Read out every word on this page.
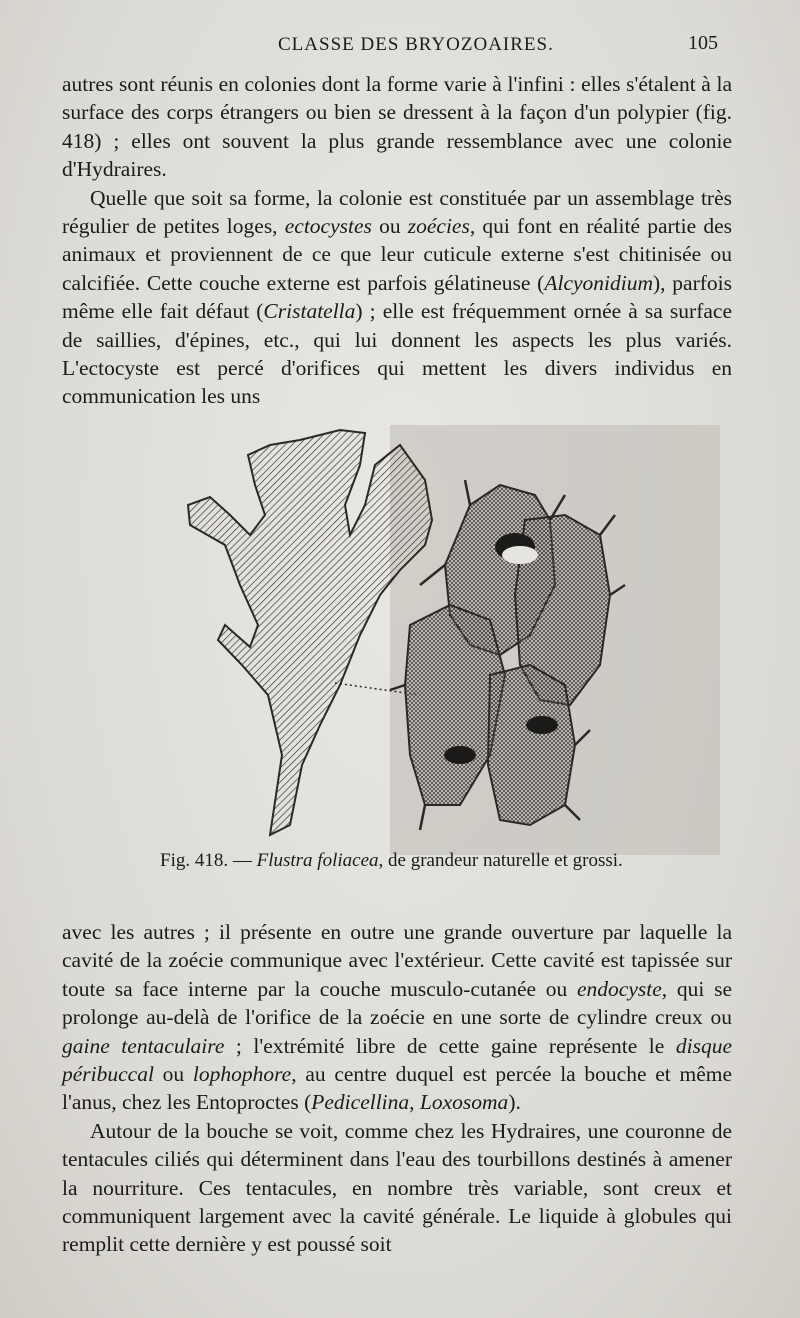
CLASSE DES BRYOZOAIRES.	105

autres sont réunis en colonies dont la forme varie à l'infini : elles s'étalent à la surface des corps étrangers ou bien se dressent à la façon d'un polypier (fig. 418) ; elles ont souvent la plus grande ressemblance avec une colonie d'Hydraires.

Quelle que soit sa forme, la colonie est constituée par un assemblage très régulier de petites loges, ectocystes ou zoécies, qui font en réalité partie des animaux et proviennent de ce que leur cuticule externe s'est chitinisée ou calcifiée. Cette couche externe est parfois gélatineuse (Alcyonidium), parfois même elle fait défaut (Cristatella) ; elle est fréquemment ornée à sa surface de saillies, d'épines, etc., qui lui donnent les aspects les plus variés. L'ectocyste est percé d'orifices qui mettent les divers individus en communication les uns

Fig. 418. — Flustra foliacea, de grandeur naturelle et grossi.

avec les autres ; il présente en outre une grande ouverture par laquelle la cavité de la zoécie communique avec l'extérieur. Cette cavité est tapissée sur toute sa face interne par la couche musculo-cutanée ou endocyste, qui se prolonge au-delà de l'orifice de la zoécie en une sorte de cylindre creux ou gaine tentaculaire ; l'extrémité libre de cette gaine représente le disque péribuccal ou lophophore, au centre duquel est percée la bouche et même l'anus, chez les Entoproctes (Pedicellina, Loxosoma).

Autour de la bouche se voit, comme chez les Hydraires, une couronne de tentacules ciliés qui déterminent dans l'eau des tourbillons destinés à amener la nourriture. Ces tentacules, en nombre très variable, sont creux et communiquent largement avec la cavité générale. Le liquide à globules qui remplit cette dernière y est poussé soit
